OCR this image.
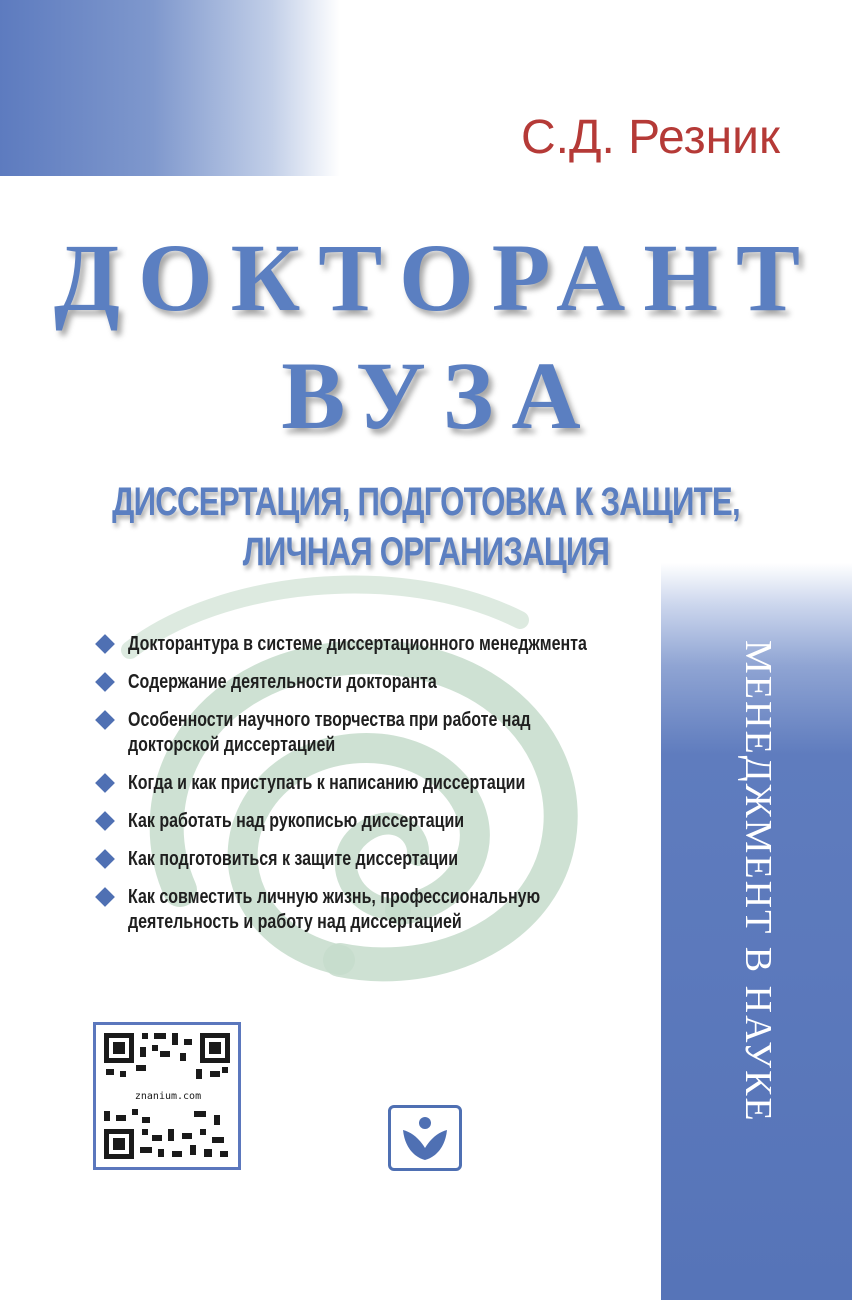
С.Д. Резник
ДОКТОРАНТ
ВУЗА
ДИССЕРТАЦИЯ, ПОДГОТОВКА К ЗАЩИТЕ,
ЛИЧНАЯ ОРГАНИЗАЦИЯ
Докторантура в системе диссертационного менеджмента
Содержание деятельности докторанта
Особенности научного творчества при работе над докторской диссертацией
Когда и как приступать к написанию диссертации
Как работать над рукописью диссертации
Как подготовиться к защите диссертации
Как совместить личную жизнь, профессиональную деятельность и работу над диссертацией	МЕНЕДЖМЕНТ В НАУКЕ
znanium.com
